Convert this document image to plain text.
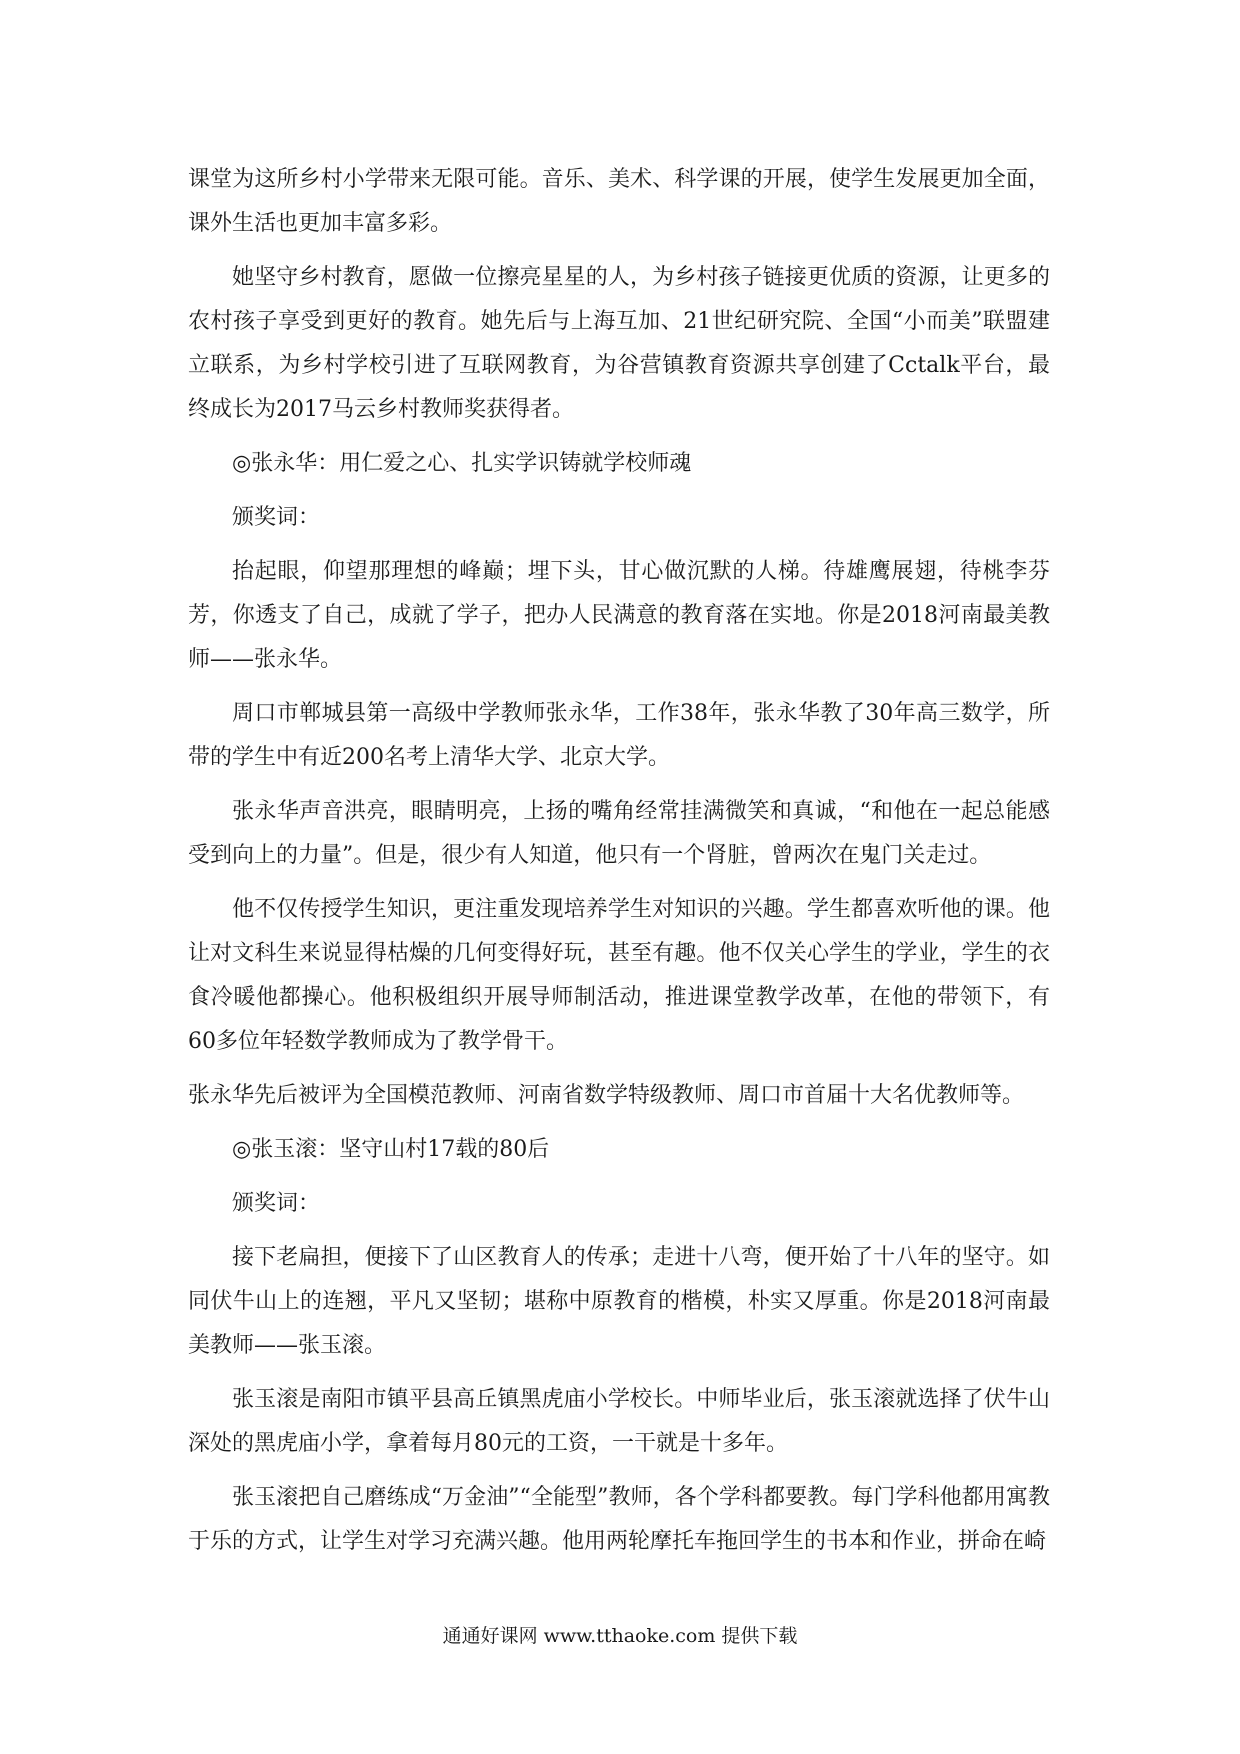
课堂为这所乡村小学带来无限可能。音乐、美术、科学课的开展，使学生发展更加全面，课外生活也更加丰富多彩。

她坚守乡村教育，愿做一位擦亮星星的人，为乡村孩子链接更优质的资源，让更多的农村孩子享受到更好的教育。她先后与上海互加、21世纪研究院、全国“小而美”联盟建立联系，为乡村学校引进了互联网教育，为谷营镇教育资源共享创建了Cctalk平台，最终成长为2017马云乡村教师奖获得者。

◎张永华：用仁爱之心、扎实学识铸就学校师魂

颁奖词：

抬起眼，仰望那理想的峰巅；埋下头，甘心做沉默的人梯。待雄鹰展翅，待桃李芬芳，你透支了自己，成就了学子，把办人民满意的教育落在实地。你是2018河南最美教师——张永华。

周口市郸城县第一高级中学教师张永华，工作38年，张永华教了30年高三数学，所带的学生中有近200名考上清华大学、北京大学。

张永华声音洪亮，眼睛明亮，上扬的嘴角经常挂满微笑和真诚，“和他在一起总能感受到向上的力量”。但是，很少有人知道，他只有一个肾脏，曾两次在鬼门关走过。

他不仅传授学生知识，更注重发现培养学生对知识的兴趣。学生都喜欢听他的课。他让对文科生来说显得枯燥的几何变得好玩，甚至有趣。他不仅关心学生的学业，学生的衣食冷暖他都操心。他积极组织开展导师制活动，推进课堂教学改革，在他的带领下，有60多位年轻数学教师成为了教学骨干。

张永华先后被评为全国模范教师、河南省数学特级教师、周口市首届十大名优教师等。

◎张玉滚：坚守山村17载的80后

颁奖词：

接下老扁担，便接下了山区教育人的传承；走进十八弯，便开始了十八年的坚守。如同伏牛山上的连翘，平凡又坚韧；堪称中原教育的楷模，朴实又厚重。你是2018河南最美教师——张玉滚。

张玉滚是南阳市镇平县高丘镇黑虎庙小学校长。中师毕业后，张玉滚就选择了伏牛山深处的黑虎庙小学，拿着每月80元的工资，一干就是十多年。

张玉滚把自己磨练成“万金油”“全能型”教师，各个学科都要教。每门学科他都用寓教于乐的方式，让学生对学习充满兴趣。他用两轮摩托车拖回学生的书本和作业，拼命在崎

通通好课网 www.tthaoke.com 提供下载
